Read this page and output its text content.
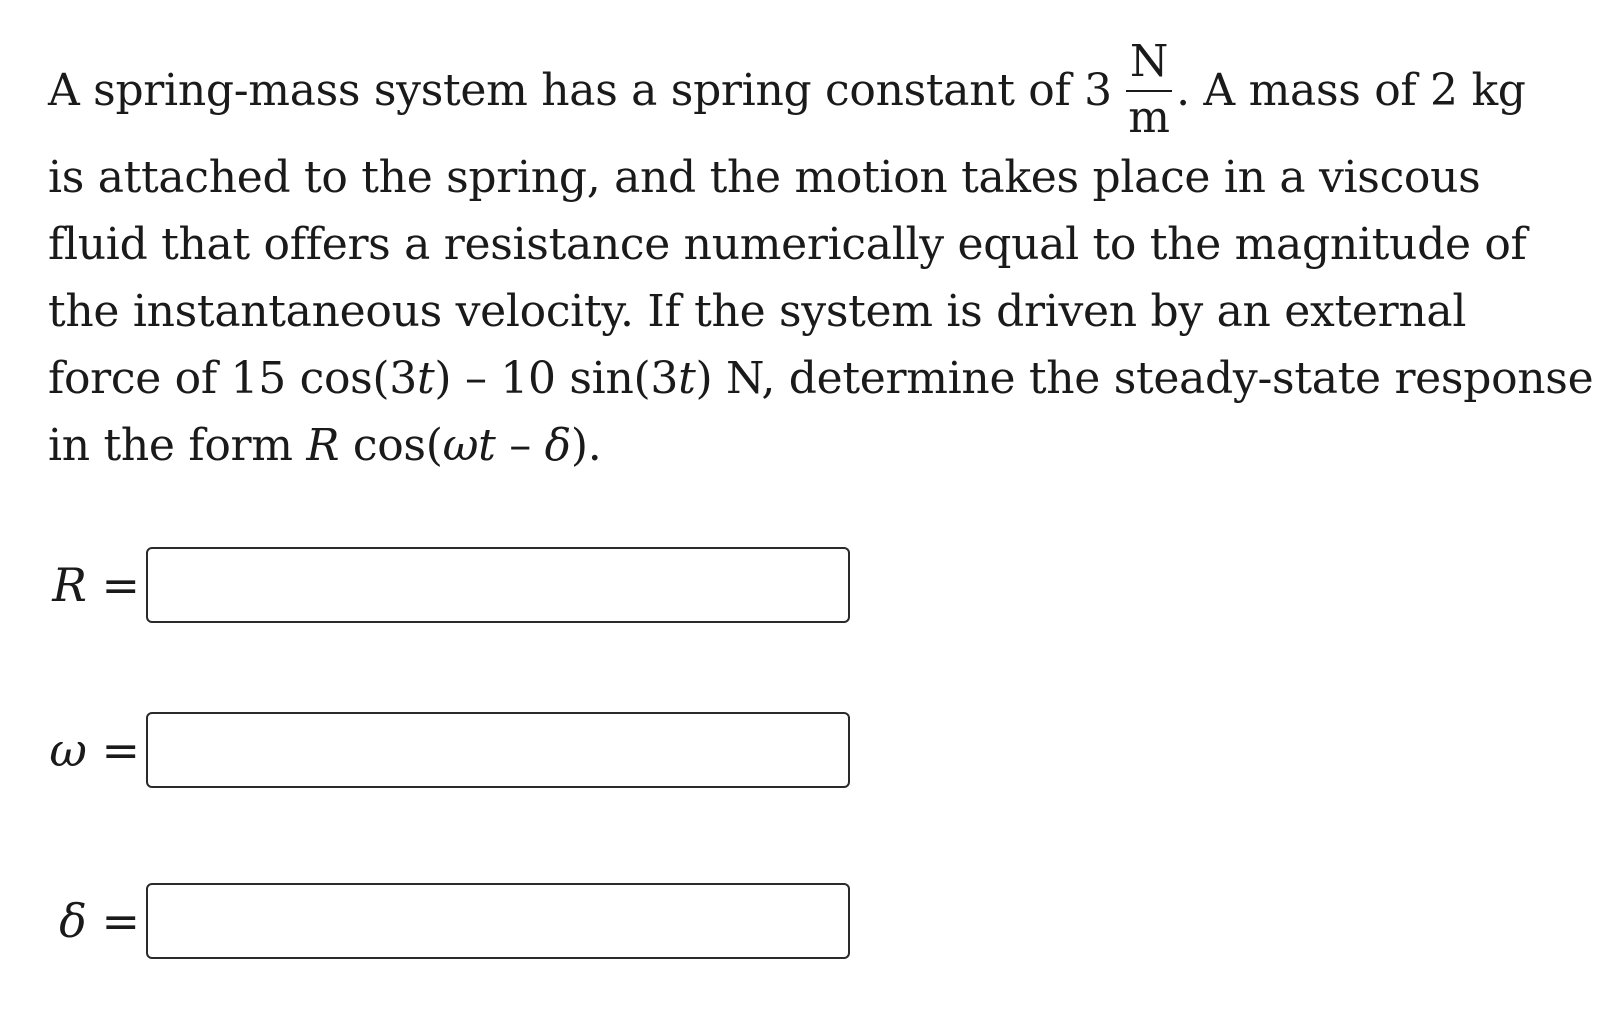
A spring-mass system has a spring constant of $3 \frac{N}{m}$ . A mass of 2 kg
is attached to the spring, and the motion takes place in a viscous
fluid that offers a resistance numerically equal to the magnitude of
the instantaneous velocity. If the system is driven by an external
force of 15 cos(3t) – 10 sin(3t) N, determine the steady-state response
in the form R cos(ωt – δ).
R =
ω =
δ =
